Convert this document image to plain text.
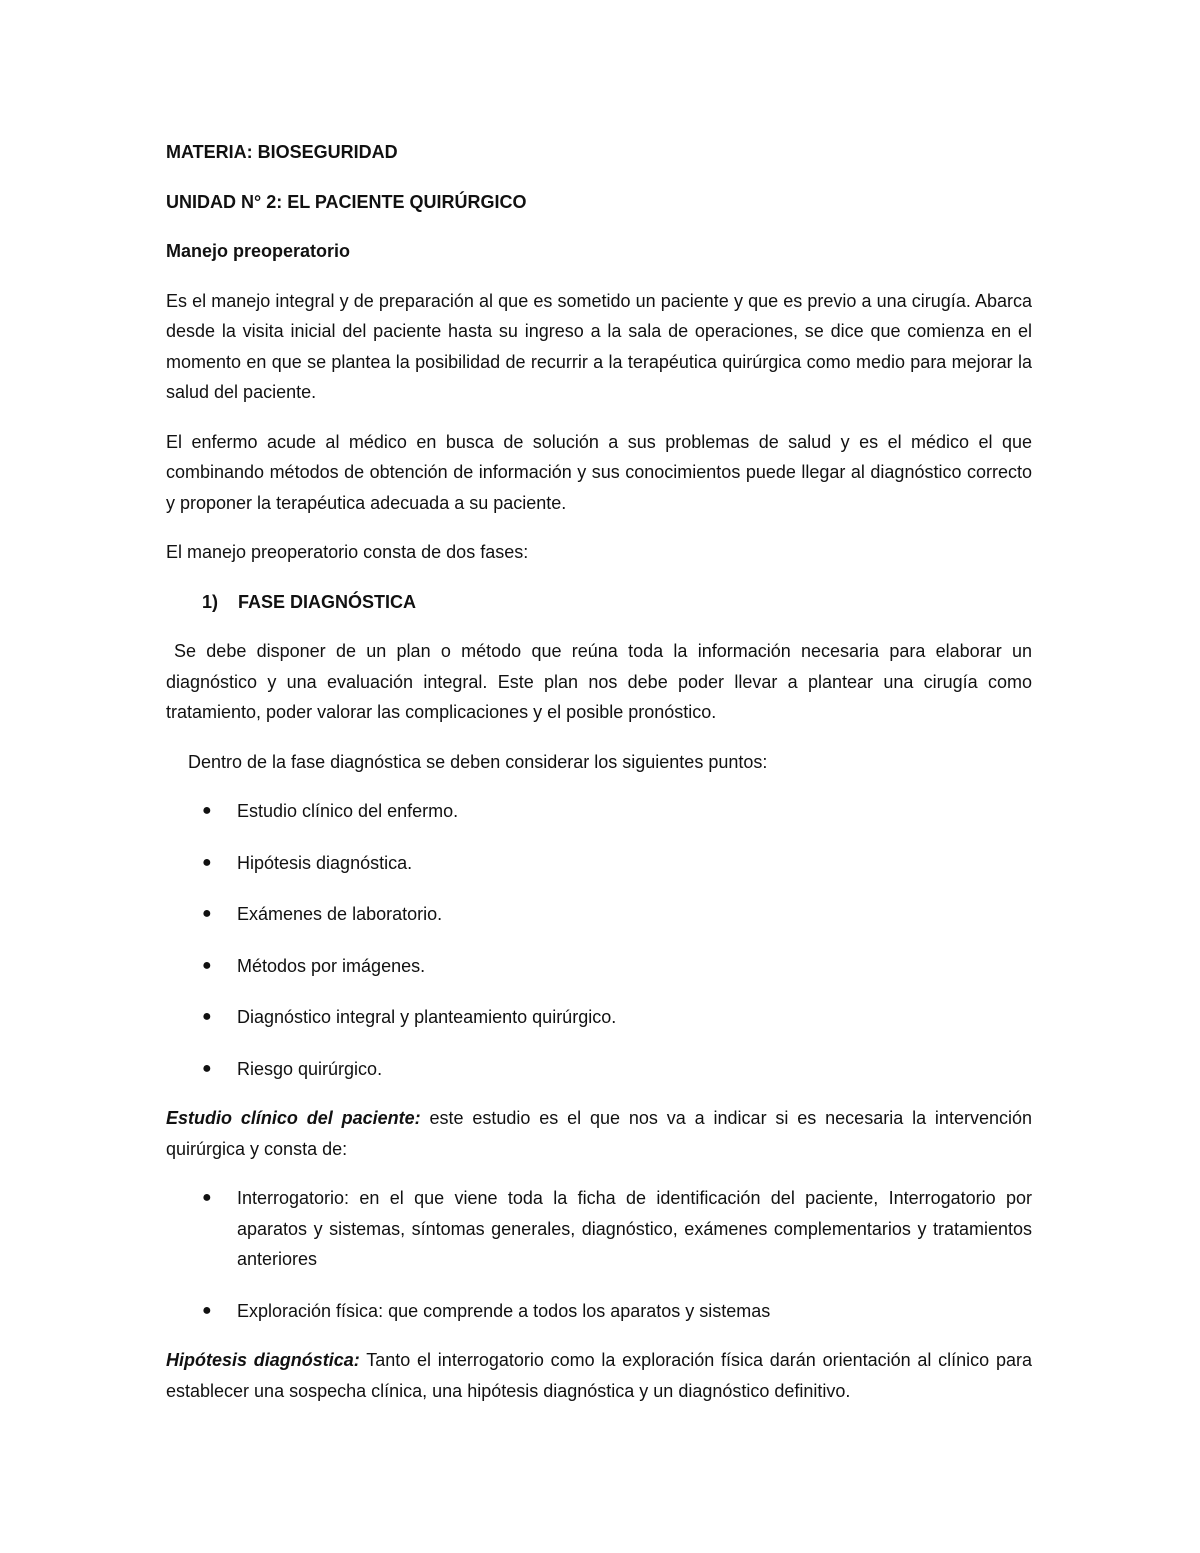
MATERIA: BIOSEGURIDAD

UNIDAD N° 2: EL PACIENTE QUIRÚRGICO

Manejo preoperatorio

Es el manejo integral y de preparación al que es sometido un paciente y que es previo a una cirugía. Abarca desde la visita inicial del paciente hasta su ingreso a la sala de operaciones, se dice que comienza en el momento en que se plantea la posibilidad de recurrir a la terapéutica quirúrgica como medio para mejorar la salud del paciente.

El enfermo acude al médico en busca de solución a sus problemas de salud y es el médico el que combinando métodos de obtención de información y sus conocimientos puede llegar al diagnóstico correcto y proponer la terapéutica adecuada a su paciente.

El manejo preoperatorio consta de dos fases:

1) FASE DIAGNÓSTICA

Se debe disponer de un plan o método que reúna toda la información necesaria para elaborar un diagnóstico y una evaluación integral. Este plan nos debe poder llevar a plantear una cirugía como tratamiento, poder valorar las complicaciones y el posible pronóstico.

Dentro de la fase diagnóstica se deben considerar los siguientes puntos:

● Estudio clínico del enfermo.
● Hipótesis diagnóstica.
● Exámenes de laboratorio.
● Métodos por imágenes.
● Diagnóstico integral y planteamiento quirúrgico.
● Riesgo quirúrgico.

Estudio clínico del paciente: este estudio es el que nos va a indicar si es necesaria la intervención quirúrgica y consta de:

● Interrogatorio: en el que viene toda la ficha de identificación del paciente, Interrogatorio por aparatos y sistemas, síntomas generales, diagnóstico, exámenes complementarios y tratamientos anteriores
● Exploración física: que comprende a todos los aparatos y sistemas

Hipótesis diagnóstica: Tanto el interrogatorio como la exploración física darán orientación al clínico para establecer una sospecha clínica, una hipótesis diagnóstica y un diagnóstico definitivo.
